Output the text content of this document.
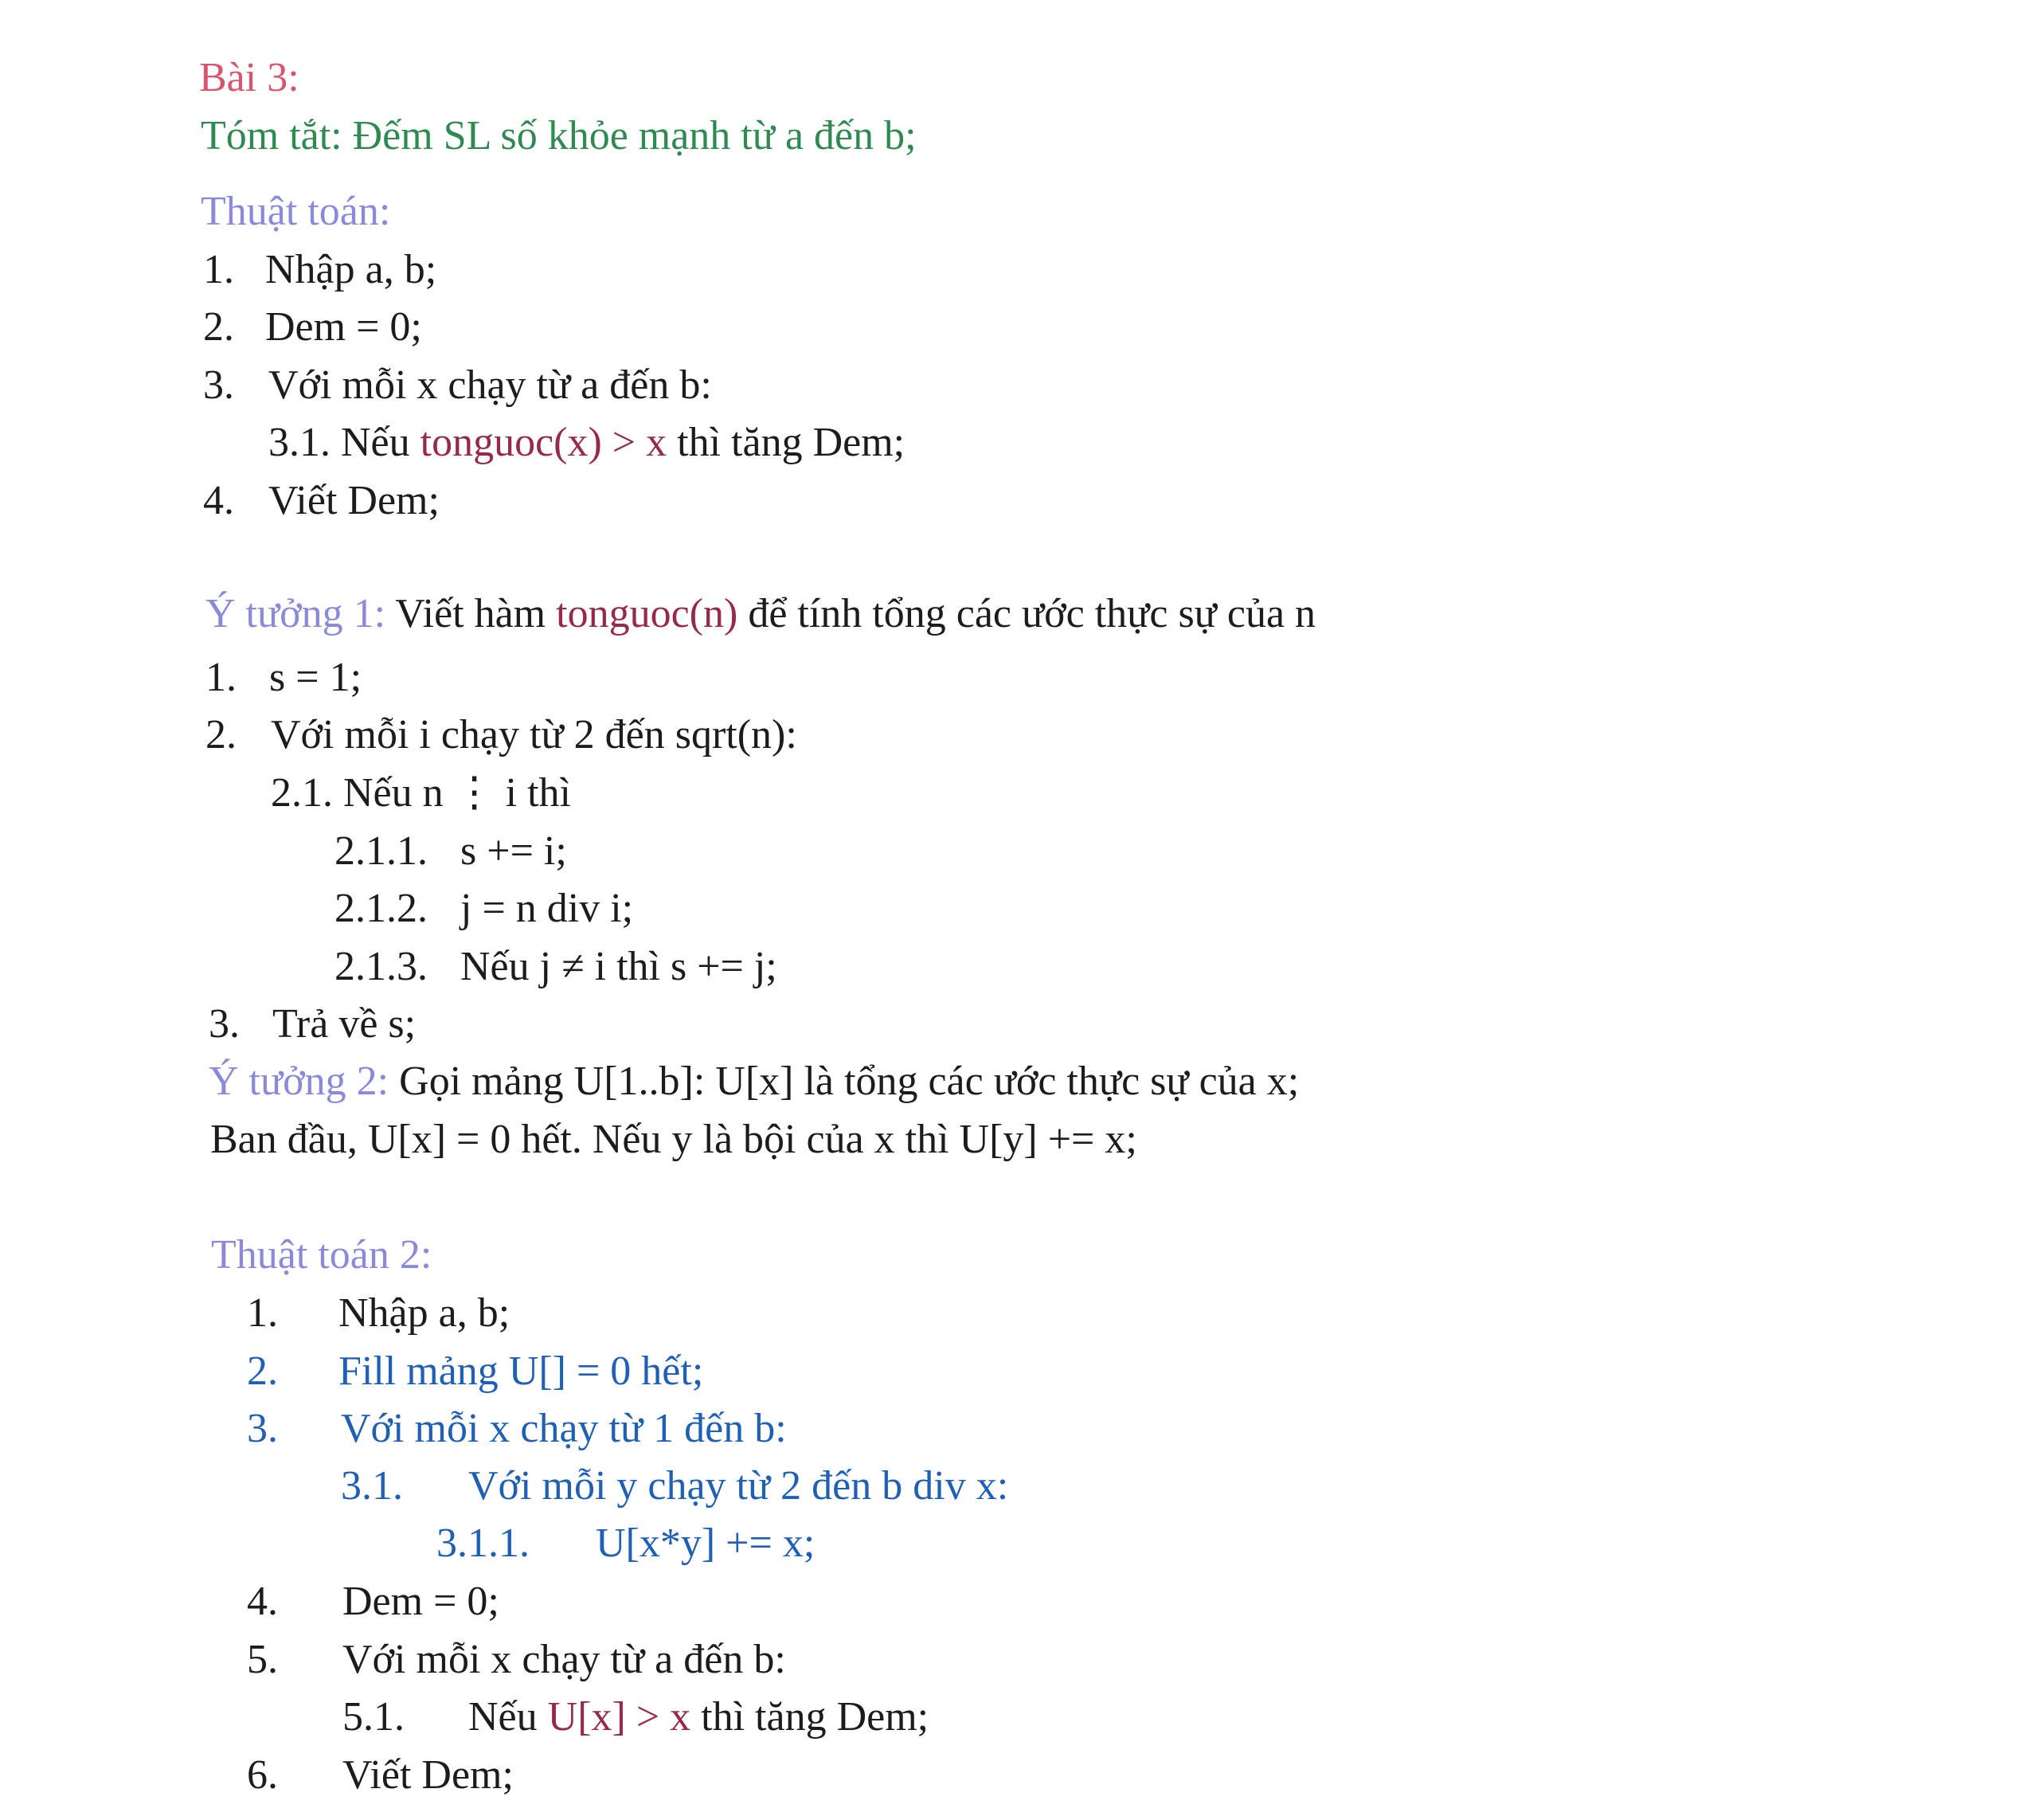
Bài 3:
Tóm tắt: Đếm SL số khỏe mạnh từ a đến b;
Thuật toán:
1. Nhập a, b;
2. Dem = 0;
3. Với mỗi x chạy từ a đến b:
3.1. Nếu tonguoc(x) > x thì tăng Dem;
4. Viết Dem;
Ý tưởng 1: Viết hàm tonguoc(n) để tính tổng các ước thực sự của n
1. s = 1;
2. Với mỗi i chạy từ 2 đến sqrt(n):
2.1. Nếu n ⋮ i thì
2.1.1. s += i;
2.1.2. j = n div i;
2.1.3. Nếu j ≠ i thì s += j;
3. Trả về s;
Ý tưởng 2: Gọi mảng U[1..b]: U[x] là tổng các ước thực sự của x;
Ban đầu, U[x] = 0 hết. Nếu y là bội của x thì U[y] += x;
Thuật toán 2:
1. Nhập a, b;
2. Fill mảng U[] = 0 hết;
3. Với mỗi x chạy từ 1 đến b:
3.1. Với mỗi y chạy từ 2 đến b div x:
3.1.1. U[x*y] += x;
4. Dem = 0;
5. Với mỗi x chạy từ a đến b:
5.1. Nếu U[x] > x thì tăng Dem;
6. Viết Dem;
